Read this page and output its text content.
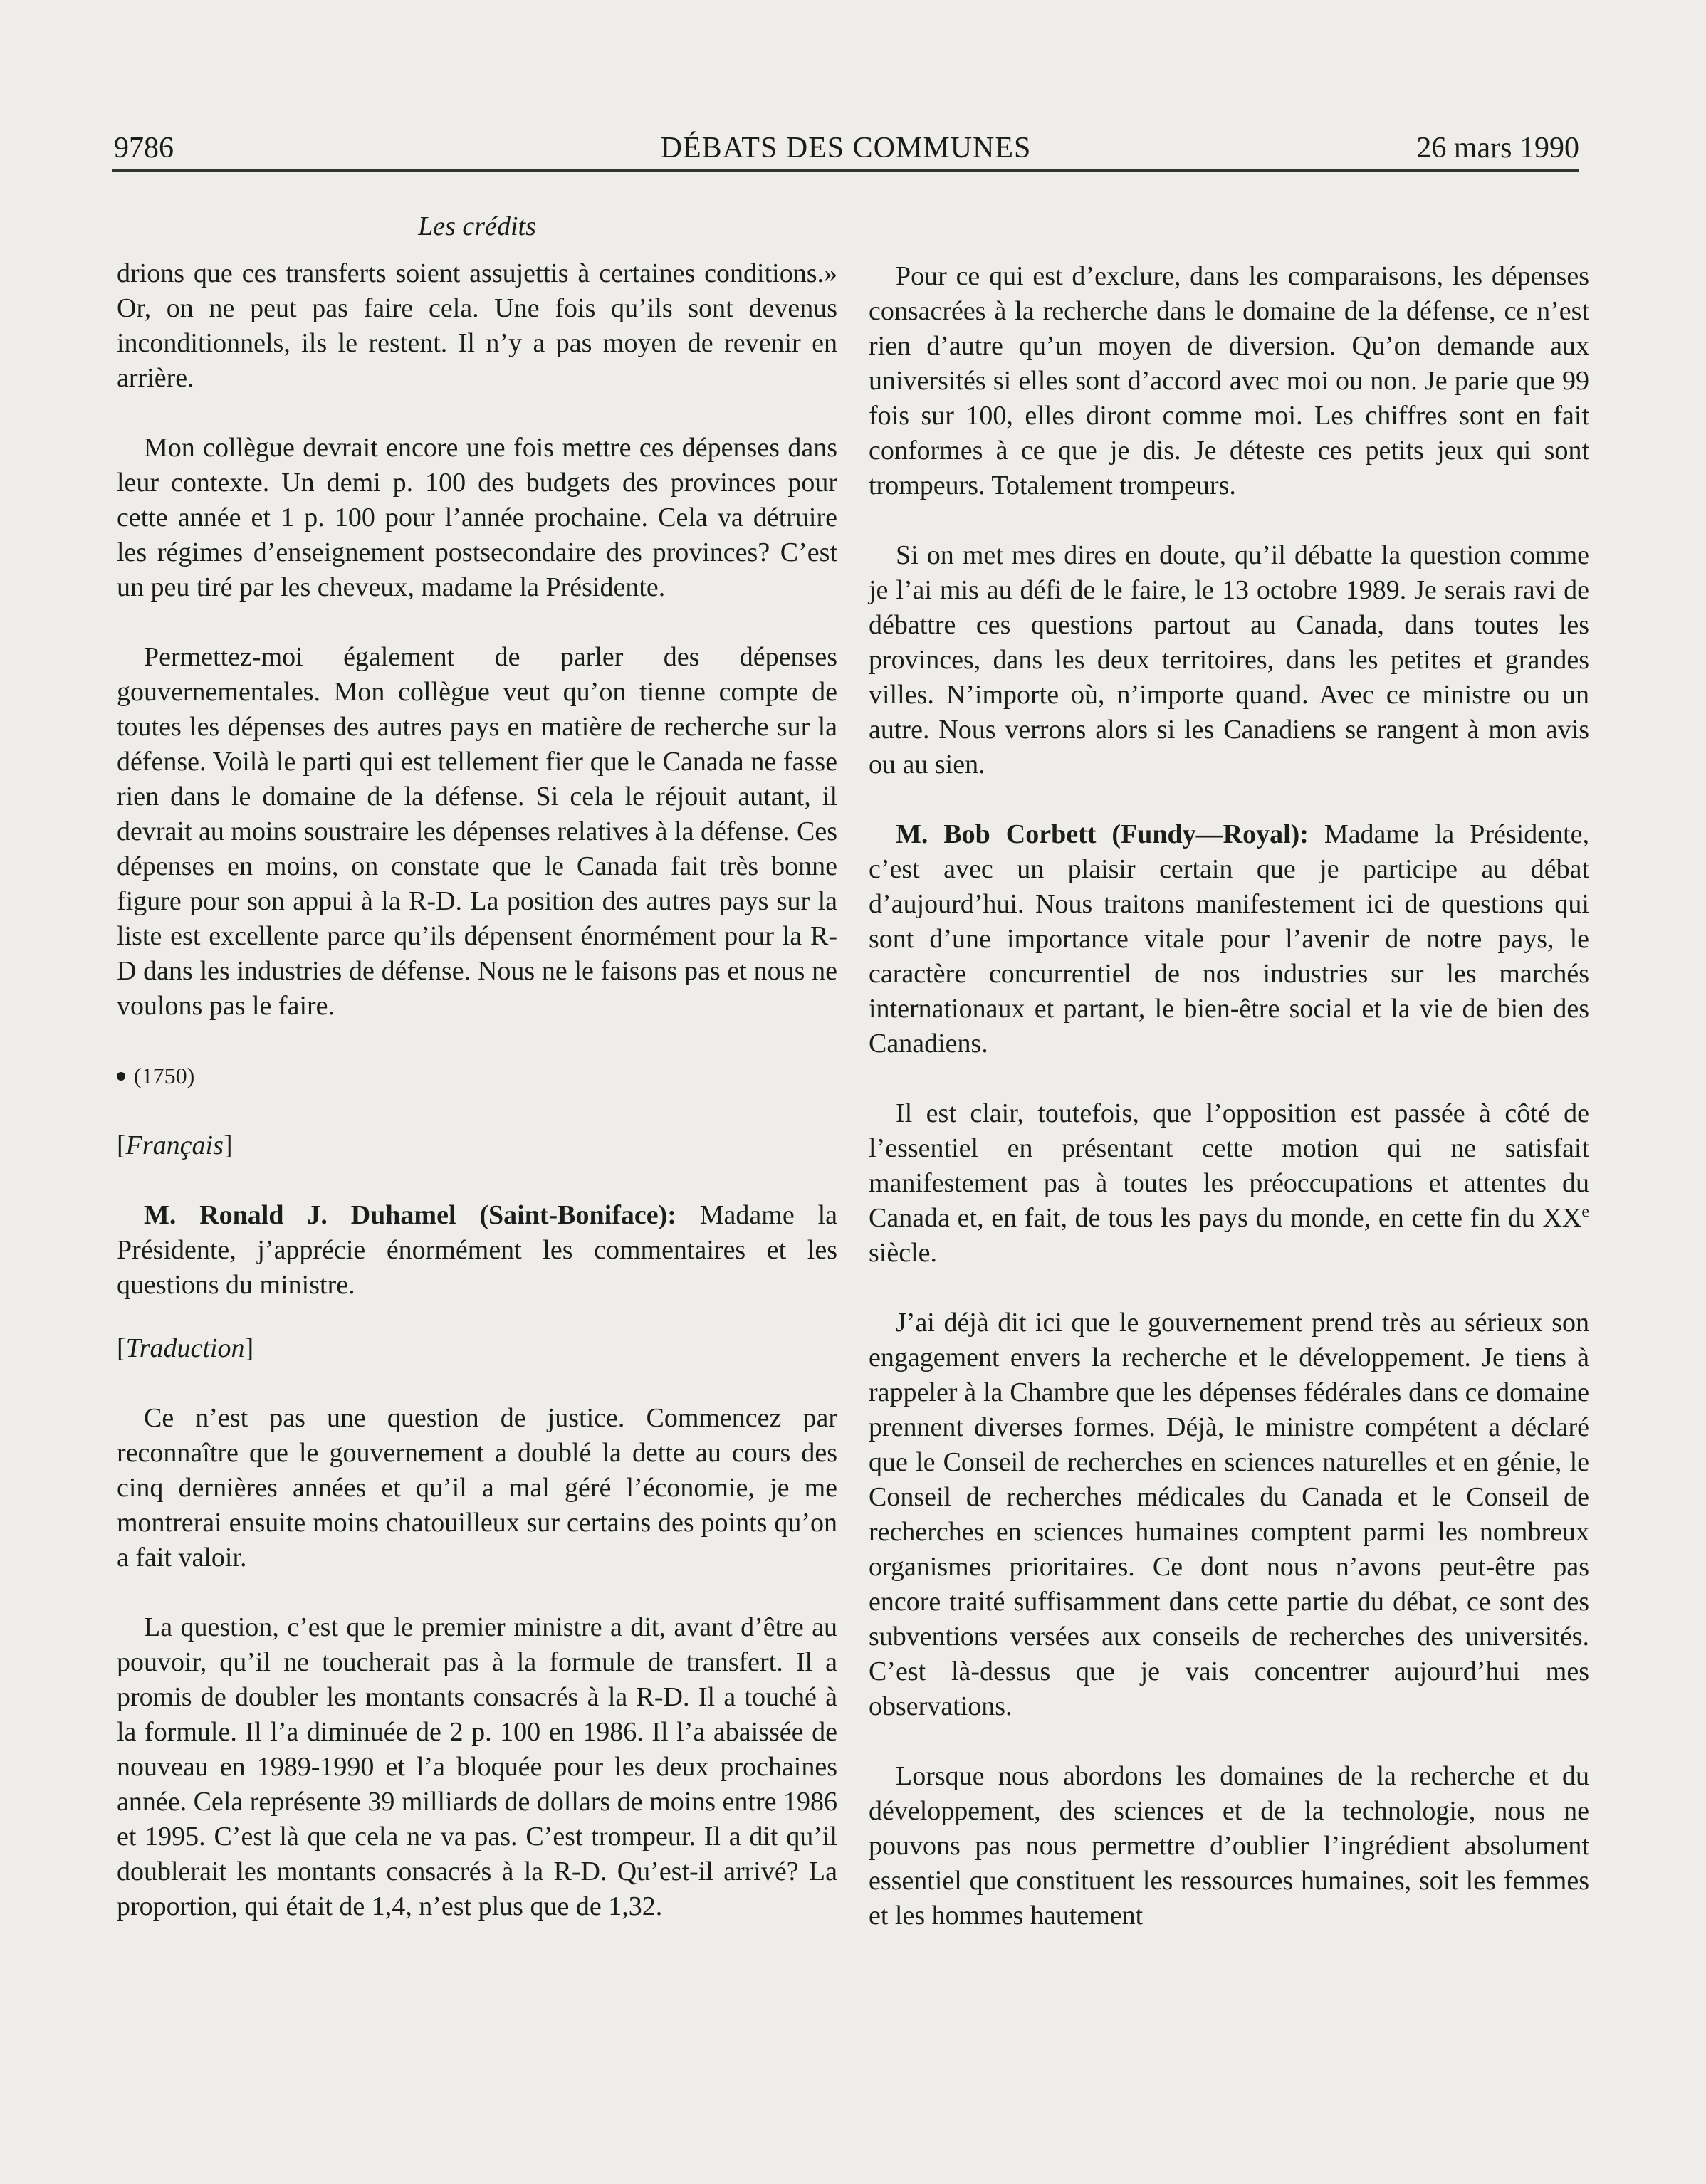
9786	DÉBATS DES COMMUNES	26 mars 1990
Les crédits

drions que ces transferts soient assujettis à certaines conditions.» Or, on ne peut pas faire cela. Une fois qu’ils sont devenus inconditionnels, ils le restent. Il n’y a pas moyen de revenir en arrière.

Mon collègue devrait encore une fois mettre ces dépenses dans leur contexte. Un demi p. 100 des budgets des provinces pour cette année et 1 p. 100 pour l’année prochaine. Cela va détruire les régimes d’enseignement postsecondaire des provinces? C’est un peu tiré par les cheveux, madame la Présidente.

Permettez-moi également de parler des dépenses gouvernementales. Mon collègue veut qu’on tienne compte de toutes les dépenses des autres pays en matière de recherche sur la défense. Voilà le parti qui est tellement fier que le Canada ne fasse rien dans le domaine de la défense. Si cela le réjouit autant, il devrait au moins soustraire les dépenses relatives à la défense. Ces dépenses en moins, on constate que le Canada fait très bonne figure pour son appui à la R-D. La position des autres pays sur la liste est excellente parce qu’ils dépensent énormément pour la R-D dans les industries de défense. Nous ne le faisons pas et nous ne voulons pas le faire.

(1750)

[Français]

M. Ronald J. Duhamel (Saint-Boniface): Madame la Présidente, j’apprécie énormément les commentaires et les questions du ministre.

[Traduction]

Ce n’est pas une question de justice. Commencez par reconnaître que le gouvernement a doublé la dette au cours des cinq dernières années et qu’il a mal géré l’économie, je me montrerai ensuite moins chatouilleux sur certains des points qu’on a fait valoir.

La question, c’est que le premier ministre a dit, avant d’être au pouvoir, qu’il ne toucherait pas à la formule de transfert. Il a promis de doubler les montants consacrés à la R-D. Il a touché à la formule. Il l’a diminuée de 2 p. 100 en 1986. Il l’a abaissée de nouveau en 1989-1990 et l’a bloquée pour les deux prochaines année. Cela représente 39 milliards de dollars de moins entre 1986 et 1995. C’est là que cela ne va pas. C’est trompeur. Il a dit qu’il doublerait les montants consacrés à la R-D. Qu’est-il arrivé? La proportion, qui était de 1,4, n’est plus que de 1,32.

Pour ce qui est d’exclure, dans les comparaisons, les dépenses consacrées à la recherche dans le domaine de la défense, ce n’est rien d’autre qu’un moyen de diversion. Qu’on demande aux universités si elles sont d’accord avec moi ou non. Je parie que 99 fois sur 100, elles diront comme moi. Les chiffres sont en fait conformes à ce que je dis. Je déteste ces petits jeux qui sont trompeurs. Totalement trompeurs.

Si on met mes dires en doute, qu’il débatte la question comme je l’ai mis au défi de le faire, le 13 octobre 1989. Je serais ravi de débattre ces questions partout au Canada, dans toutes les provinces, dans les deux territoires, dans les petites et grandes villes. N’importe où, n’importe quand. Avec ce ministre ou un autre. Nous verrons alors si les Canadiens se rangent à mon avis ou au sien.

M. Bob Corbett (Fundy—Royal): Madame la Présidente, c’est avec un plaisir certain que je participe au débat d’aujourd’hui. Nous traitons manifestement ici de questions qui sont d’une importance vitale pour l’avenir de notre pays, le caractère concurrentiel de nos industries sur les marchés internationaux et partant, le bien-être social et la vie de bien des Canadiens.

Il est clair, toutefois, que l’opposition est passée à côté de l’essentiel en présentant cette motion qui ne satisfait manifestement pas à toutes les préoccupations et attentes du Canada et, en fait, de tous les pays du monde, en cette fin du XXe siècle.

J’ai déjà dit ici que le gouvernement prend très au sérieux son engagement envers la recherche et le développement. Je tiens à rappeler à la Chambre que les dépenses fédérales dans ce domaine prennent diverses formes. Déjà, le ministre compétent a déclaré que le Conseil de recherches en sciences naturelles et en génie, le Conseil de recherches médicales du Canada et le Conseil de recherches en sciences humaines comptent parmi les nombreux organismes prioritaires. Ce dont nous n’avons peut-être pas encore traité suffisamment dans cette partie du débat, ce sont des subventions versées aux conseils de recherches des universités. C’est là-dessus que je vais concentrer aujourd’hui mes observations.

Lorsque nous abordons les domaines de la recherche et du développement, des sciences et de la technologie, nous ne pouvons pas nous permettre d’oublier l’ingrédient absolument essentiel que constituent les ressources humaines, soit les femmes et les hommes hautement
